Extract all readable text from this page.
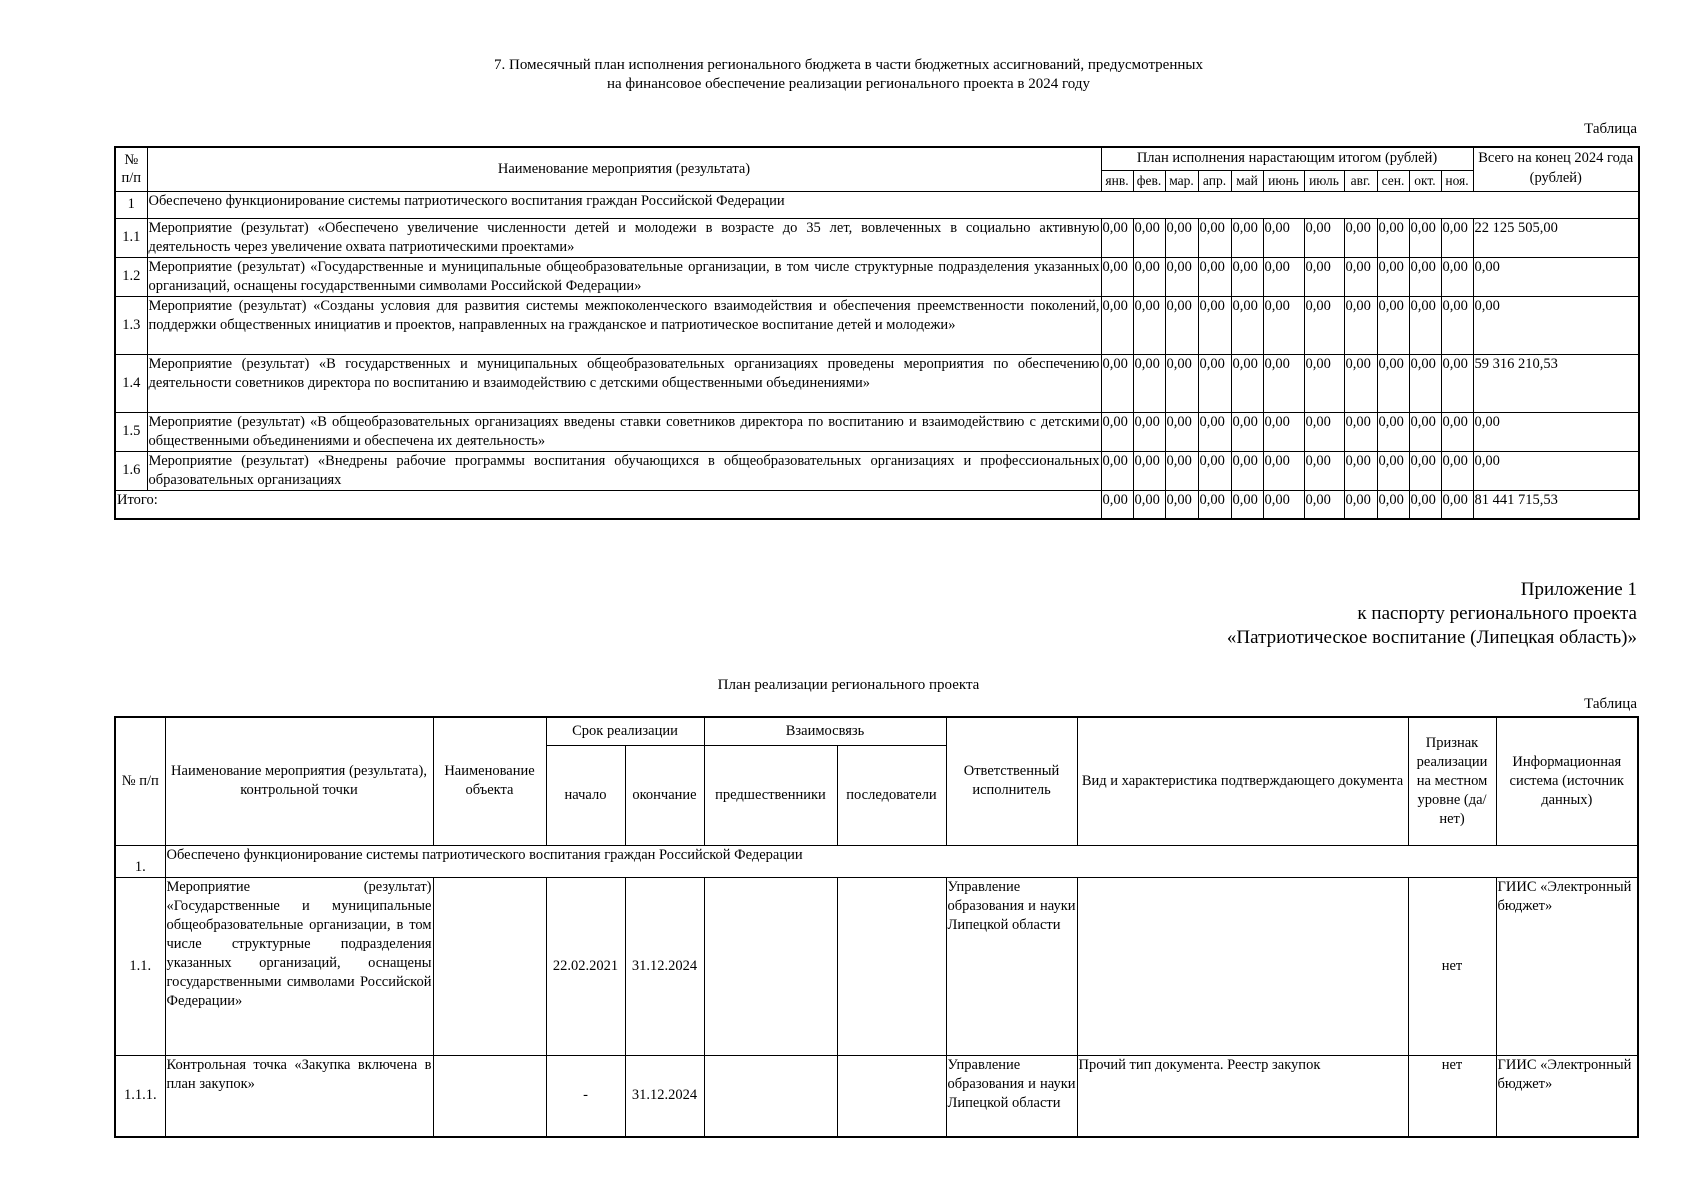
7. Помесячный план исполнения регионального бюджета в части бюджетных ассигнований, предусмотренных
на финансовое обеспечение реализации регионального проекта в 2024 году
Таблица
№ п/п	Наименование мероприятия (результата)	План исполнения нарастающим итогом (рублей)											Всего на конец 2024 года (рублей)
		янв.	фев.	мар.	апр.	май	июнь	июль	авг.	сен.	окт.	ноя.	
1	Обеспечено функционирование системы патриотического воспитания граждан Российской Федерации												
1.1	Мероприятие (результат) «Обеспечено увеличение численности детей и молодежи в возрасте до 35 лет, вовлеченных в социально активную деятельность через увеличение охвата патриотическими проектами»	0,00	0,00	0,00	0,00	0,00	0,00	0,00	0,00	0,00	0,00	0,00	22 125 505,00
1.2	Мероприятие (результат) «Государственные и муниципальные общеобразовательные организации, в том числе структурные подразделения указанных организаций, оснащены государственными символами Российской Федерации»	0,00	0,00	0,00	0,00	0,00	0,00	0,00	0,00	0,00	0,00	0,00	0,00
1.3	Мероприятие (результат) «Созданы условия для развития системы межпоколенческого взаимодействия и обеспечения преемственности поколений, поддержки общественных инициатив и проектов, направленных на гражданское и патриотическое воспитание детей и молодежи»	0,00	0,00	0,00	0,00	0,00	0,00	0,00	0,00	0,00	0,00	0,00	0,00
1.4	Мероприятие (результат) «В государственных и муниципальных общеобразовательных организациях проведены мероприятия по обеспечению деятельности советников директора по воспитанию и взаимодействию с детскими общественными объединениями»	0,00	0,00	0,00	0,00	0,00	0,00	0,00	0,00	0,00	0,00	0,00	59 316 210,53
1.5	Мероприятие (результат) «В общеобразовательных организациях введены ставки советников директора по воспитанию и взаимодействию с детскими общественными объединениями и обеспечена их деятельность»	0,00	0,00	0,00	0,00	0,00	0,00	0,00	0,00	0,00	0,00	0,00	0,00
1.6	Мероприятие (результат) «Внедрены рабочие программы воспитания обучающихся в общеобразовательных организациях и профессиональных образовательных организациях	0,00	0,00	0,00	0,00	0,00	0,00	0,00	0,00	0,00	0,00	0,00	0,00
Итого:		0,00	0,00	0,00	0,00	0,00	0,00	0,00	0,00	0,00	0,00	0,00	81 441 715,53
Приложение 1
к паспорту регионального проекта
«Патриотическое воспитание (Липецкая область)»
План реализации регионального проекта
Таблица
№ п/п	Наименование мероприятия (результата), контрольной точки	Наименование объекта	Срок реализации		Взаимосвязь		Ответственный исполнитель	Вид и характеристика подтверждающего документа	Признак реализации на местном уровне (да/нет)	Информационная система (источник данных)
			начало	окончание	предшественники	последователи				
1.	Обеспечено функционирование системы патриотического воспитания граждан Российской Федерации									
1.1.	Мероприятие (результат) «Государственные и муниципальные общеобразовательные организации, в том числе структурные подразделения указанных организаций, оснащены государственными символами Российской Федерации»		22.02.2021	31.12.2024			Управление образования и науки Липецкой области		нет	ГИИС «Электронный бюджет»
1.1.1.	Контрольная точка «Закупка включена в план закупок»		-	31.12.2024			Управление образования и науки Липецкой области	Прочий тип документа. Реестр закупок	нет	ГИИС «Электронный бюджет»
